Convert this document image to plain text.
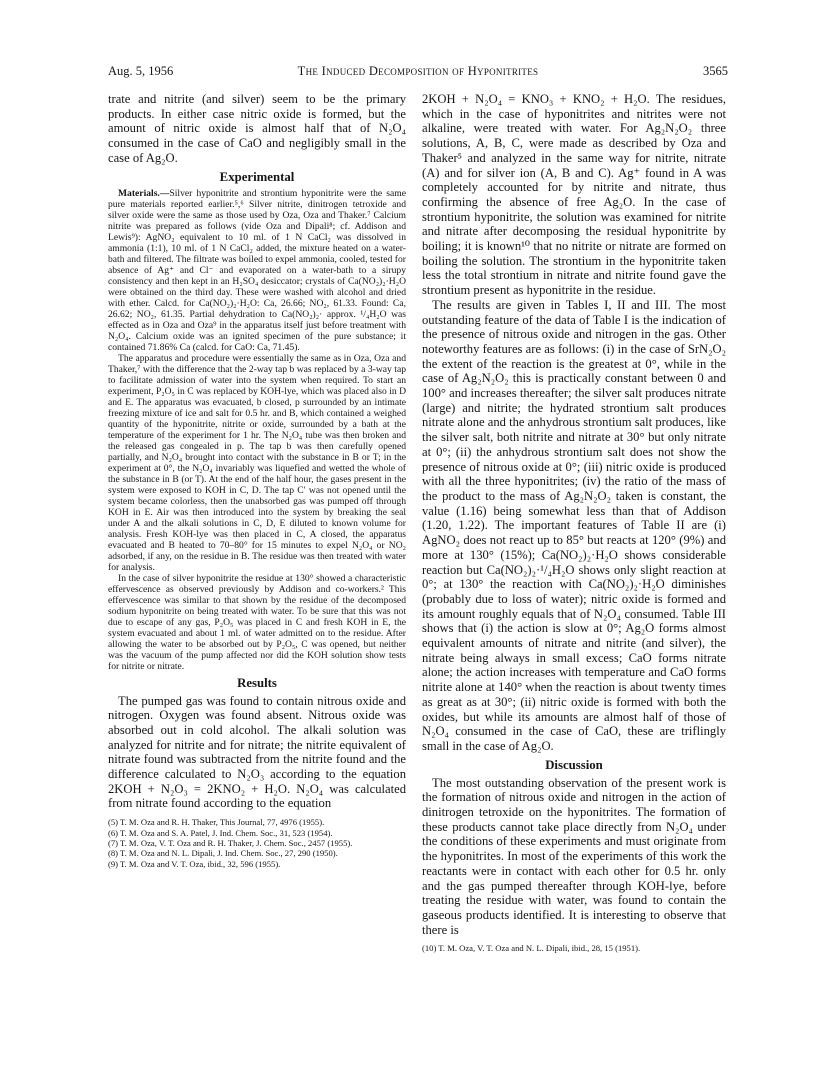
Aug. 5, 1956	The Induced Decomposition of Hyponitrites	3565

trate and nitrite (and silver) seem to be the primary products. In either case nitric oxide is formed, but the amount of nitric oxide is almost half that of N₂O₄ consumed in the case of CaO and negligibly small in the case of Ag₂O.

Experimental

Materials.—Silver hyponitrite and strontium hyponitrite were the same pure materials reported earlier.⁵,⁶ Silver nitrite, dinitrogen tetroxide and silver oxide were the same as those used by Oza, Oza and Thaker.⁷ Calcium nitrite was prepared as follows (vide Oza and Dipali⁸; cf. Addison and Lewis⁹): AgNO₂ equivalent to 10 ml. of 1 N CaCl₂ was dissolved in ammonia (1:1), 10 ml. of 1 N CaCl₂ added, the mixture heated on a water-bath and filtered. The filtrate was boiled to expel ammonia, cooled, tested for absence of Ag⁺ and Cl⁻ and evaporated on a water-bath to a sirupy consistency and then kept in an H₂SO₄ desiccator; crystals of Ca(NO₂)₂·H₂O were obtained on the third day. These were washed with alcohol and dried with ether. Calcd. for Ca(NO₂)₂·H₂O: Ca, 26.66; NO₂, 61.33. Found: Ca, 26.62; NO₂, 61.35. Partial dehydration to Ca(NO₂)₂· approx. ¹/₄H₂O was effected as in Oza and Oza⁹ in the apparatus itself just before treatment with N₂O₄. Calcium oxide was an ignited specimen of the pure substance; it contained 71.86% Ca (calcd. for CaO: Ca, 71.45).

The apparatus and procedure were essentially the same as in Oza, Oza and Thaker,⁷ with the difference that the 2-way tap b was replaced by a 3-way tap to facilitate admission of water into the system when required. To start an experiment, P₂O₅ in C was replaced by KOH-lye, which was placed also in D and E. The apparatus was evacuated, b closed, p surrounded by an intimate freezing mixture of ice and salt for 0.5 hr. and B, which contained a weighed quantity of the hyponitrite, nitrite or oxide, surrounded by a bath at the temperature of the experiment for 1 hr. The N₂O₄ tube was then broken and the released gas congealed in p. The tap b was then carefully opened partially, and N₂O₄ brought into contact with the substance in B or T; in the experiment at 0°, the N₂O₄ invariably was liquefied and wetted the whole of the substance in B (or T). At the end of the half hour, the gases present in the system were exposed to KOH in C, D. The tap C′ was not opened until the system became colorless, then the unabsorbed gas was pumped off through KOH in E. Air was then introduced into the system by breaking the seal under A and the alkali solutions in C, D, E diluted to known volume for analysis. Fresh KOH-lye was then placed in C, A closed, the apparatus evacuated and B heated to 70–80° for 15 minutes to expel N₂O₄ or NO₂ adsorbed, if any, on the residue in B. The residue was then treated with water for analysis.

In the case of silver hyponitrite the residue at 130° showed a characteristic effervescence as observed previously by Addison and co-workers.² This effervescence was similar to that shown by the residue of the decomposed sodium hyponitrite on being treated with water. To be sure that this was not due to escape of any gas, P₂O₅ was placed in C and fresh KOH in E, the system evacuated and about 1 ml. of water admitted on to the residue. After allowing the water to be absorbed out by P₂O₅, C was opened, but neither was the vacuum of the pump affected nor did the KOH solution show tests for nitrite or nitrate.

Results

The pumped gas was found to contain nitrous oxide and nitrogen. Oxygen was found absent. Nitrous oxide was absorbed out in cold alcohol. The alkali solution was analyzed for nitrite and for nitrate; the nitrite equivalent of nitrate found was subtracted from the nitrite found and the difference calculated to N₂O₃ according to the equation 2KOH + N₂O₃ = 2KNO₂ + H₂O. N₂O₄ was calculated from nitrate found according to the equation

(5) T. M. Oza and R. H. Thaker, This Journal, 77, 4976 (1955).

(6) T. M. Oza and S. A. Patel, J. Ind. Chem. Soc., 31, 523 (1954).

(7) T. M. Oza, V. T. Oza and R. H. Thaker, J. Chem. Soc., 2457 (1955).

(8) T. M. Oza and N. L. Dipali, J. Ind. Chem. Soc., 27, 290 (1950).

(9) T. M. Oza and V. T. Oza, ibid., 32, 596 (1955).

2KOH + N₂O₄ = KNO₃ + KNO₂ + H₂O. The residues, which in the case of hyponitrites and nitrites were not alkaline, were treated with water. For Ag₂N₂O₂ three solutions, A, B, C, were made as described by Oza and Thaker⁵ and analyzed in the same way for nitrite, nitrate (A) and for silver ion (A, B and C). Ag⁺ found in A was completely accounted for by nitrite and nitrate, thus confirming the absence of free Ag₂O. In the case of strontium hyponitrite, the solution was examined for nitrite and nitrate after decomposing the residual hyponitrite by boiling; it is known¹⁰ that no nitrite or nitrate are formed on boiling the solution. The strontium in the hyponitrite taken less the total strontium in nitrate and nitrite found gave the strontium present as hyponitrite in the residue.

The results are given in Tables I, II and III. The most outstanding feature of the data of Table I is the indication of the presence of nitrous oxide and nitrogen in the gas. Other noteworthy features are as follows: (i) in the case of SrN₂O₂ the extent of the reaction is the greatest at 0°, while in the case of Ag₂N₂O₂ this is practically constant between 0 and 100° and increases thereafter; the silver salt produces nitrate (large) and nitrite; the hydrated strontium salt produces nitrate alone and the anhydrous strontium salt produces, like the silver salt, both nitrite and nitrate at 30° but only nitrate at 0°; (ii) the anhydrous strontium salt does not show the presence of nitrous oxide at 0°; (iii) nitric oxide is produced with all the three hyponitrites; (iv) the ratio of the mass of the product to the mass of Ag₂N₂O₂ taken is constant, the value (1.16) being somewhat less than that of Addison (1.20, 1.22). The important features of Table II are (i) AgNO₂ does not react up to 85° but reacts at 120° (9%) and more at 130° (15%); Ca(NO₂)₂·H₂O shows considerable reaction but Ca(NO₂)₂·¹/₄H₂O shows only slight reaction at 0°; at 130° the reaction with Ca(NO₂)₂·H₂O diminishes (probably due to loss of water); nitric oxide is formed and its amount roughly equals that of N₂O₄ consumed. Table III shows that (i) the action is slow at 0°; Ag₂O forms almost equivalent amounts of nitrate and nitrite (and silver), the nitrate being always in small excess; CaO forms nitrate alone; the action increases with temperature and CaO forms nitrite alone at 140° when the reaction is about twenty times as great as at 30°; (ii) nitric oxide is formed with both the oxides, but while its amounts are almost half of those of N₂O₄ consumed in the case of CaO, these are triflingly small in the case of Ag₂O.

Discussion

The most outstanding observation of the present work is the formation of nitrous oxide and nitrogen in the action of dinitrogen tetroxide on the hyponitrites. The formation of these products cannot take place directly from N₂O₄ under the conditions of these experiments and must originate from the hyponitrites. In most of the experiments of this work the reactants were in contact with each other for 0.5 hr. only and the gas pumped thereafter through KOH-lye, before treating the residue with water, was found to contain the gaseous products identified. It is interesting to observe that there is

(10) T. M. Oza, V. T. Oza and N. L. Dipali, ibid., 28, 15 (1951).
